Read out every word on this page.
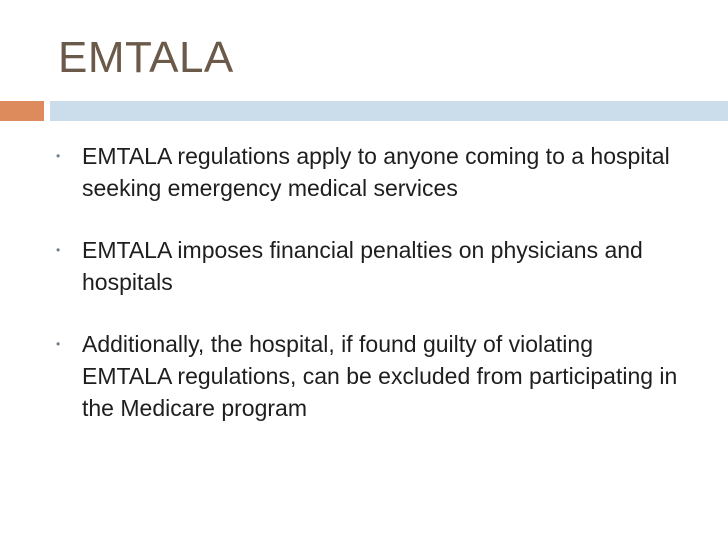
EMTALA
• EMTALA regulations apply to anyone coming to a hospital seeking emergency medical services
• EMTALA imposes financial penalties on physicians and hospitals
• Additionally, the hospital, if found guilty of violating EMTALA regulations, can be excluded from participating in the Medicare program
